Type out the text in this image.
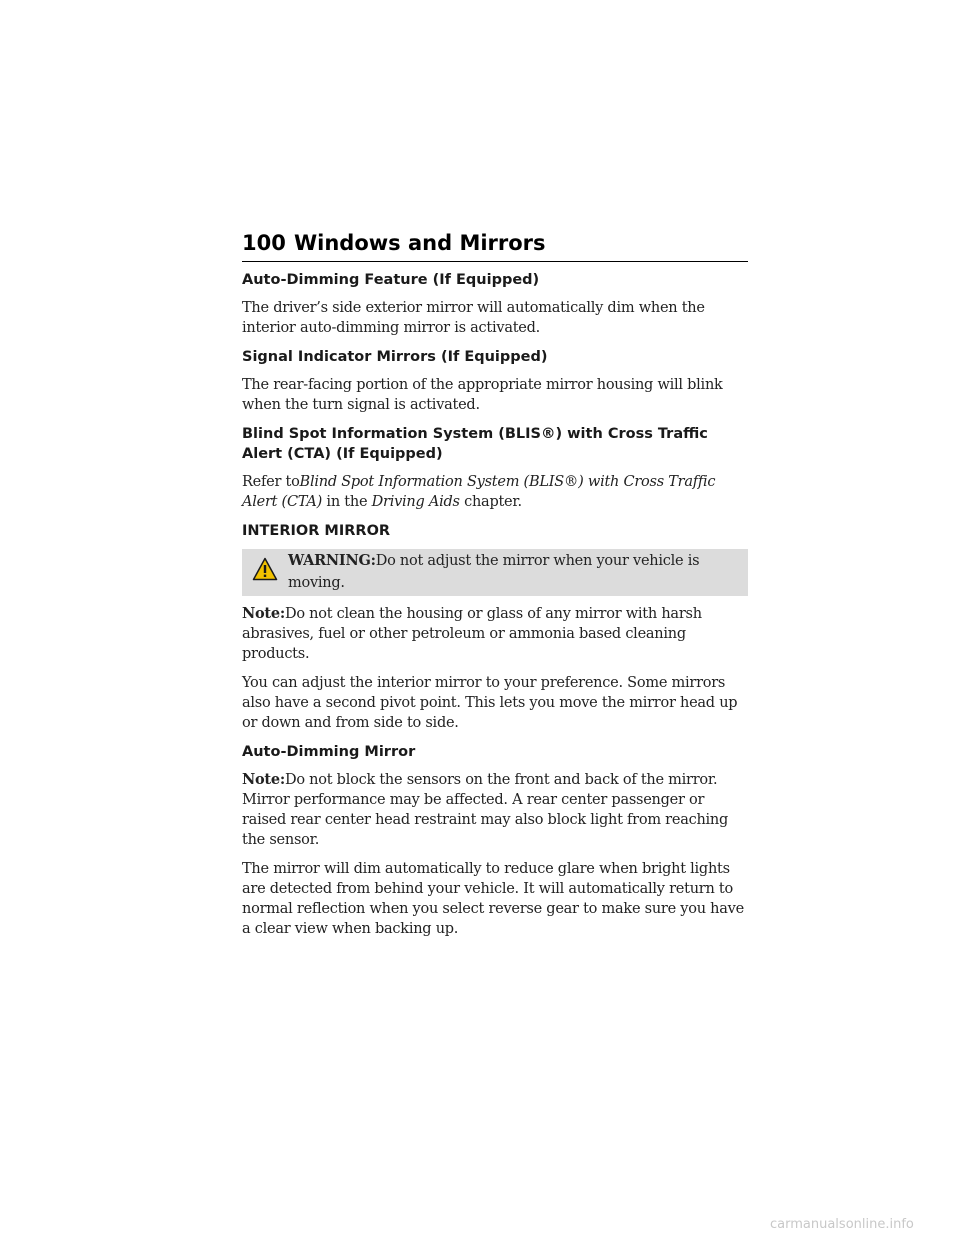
100 Windows and Mirrors
Auto-Dimming Feature (If Equipped)
The driver’s side exterior mirror will automatically dim when the interior auto-dimming mirror is activated.
Signal Indicator Mirrors (If Equipped)
The rear-facing portion of the appropriate mirror housing will blink when the turn signal is activated.
Blind Spot Information System (BLIS®) with Cross Traffic Alert (CTA) (If Equipped)
Refer toBlind Spot Information System (BLIS®) with Cross Traffic Alert (CTA) in the Driving Aids chapter.
INTERIOR MIRROR
WARNING:Do not adjust the mirror when your vehicle is moving.
Note:Do not clean the housing or glass of any mirror with harsh abrasives, fuel or other petroleum or ammonia based cleaning products.
You can adjust the interior mirror to your preference. Some mirrors also have a second pivot point. This lets you move the mirror head up or down and from side to side.
Auto-Dimming Mirror
Note:Do not block the sensors on the front and back of the mirror. Mirror performance may be affected. A rear center passenger or raised rear center head restraint may also block light from reaching the sensor.
The mirror will dim automatically to reduce glare when bright lights are detected from behind your vehicle. It will automatically return to normal reflection when you select reverse gear to make sure you have a clear view when backing up.
carmanualsonline.info
